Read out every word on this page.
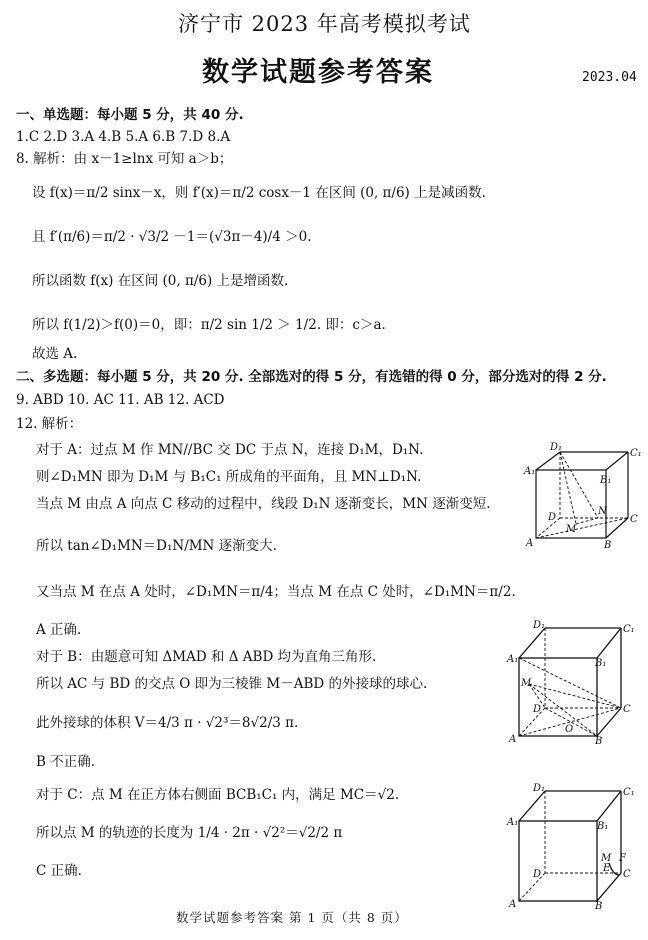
济宁市 2023 年高考模拟考试
数学试题参考答案	2023.04
一、单选题：每小题 5 分，共 40 分.
1.C 2.D 3.A 4.B 5.A 6.B 7.D 8.A
8. 解析：由 x－1≥lnx 可知 a＞b；
设 f(x)＝π/2 sinx－x，则 f′(x)＝π/2 cosx－1 在区间 (0, π/6) 上是减函数.
且 f′(π/6)＝π/2 · √3/2 －1＝(√3π－4)/4 ＞0.
所以函数 f(x) 在区间 (0, π/6) 上是增函数.
所以 f(1/2)＞f(0)＝0，即：π/2 sin 1/2 ＞ 1/2. 即：c＞a.
故选 A.
二、多选题：每小题 5 分，共 20 分. 全部选对的得 5 分，有选错的得 0 分，部分选对的得 2 分.
9. ABD 10. AC 11. AB 12. ACD
12. 解析：
对于 A：过点 M 作 MN//BC 交 DC 于点 N，连接 D₁M，D₁N.
则∠D₁MN 即为 D₁M 与 B₁C₁ 所成角的平面角，且 MN⊥D₁N.
当点 M 由点 A 向点 C 移动的过程中，线段 D₁N 逐渐变长，MN 逐渐变短.
所以 tan∠D₁MN＝D₁N/MN 逐渐变大.
又当点 M 在点 A 处时，∠D₁MN＝π/4；当点 M 在点 C 处时，∠D₁MN＝π/2.
A 正确.
对于 B：由题意可知 ΔMAD 和 Δ ABD 均为直角三角形.
所以 AC 与 BD 的交点 O 即为三棱锥 M－ABD 的外接球的球心.
此外接球的体积 V＝4/3 π · √2³＝8√2/3 π.
B 不正确.
对于 C：点 M 在正方体右侧面 BCB₁C₁ 内，满足 MC＝√2.
所以点 M 的轨迹的长度为 1/4 · 2π · √2²＝√2/2 π
C 正确.
D₁
C₁
A₁
B₁
D	C
A	B
M
N
D₁	C₁
A₁	B₁
D	C
A	B
M
O
D₁	C₁
A₁	B₁
D	C
A	B
M
E
F
数学试题参考答案 第 1 页（共 8 页）
